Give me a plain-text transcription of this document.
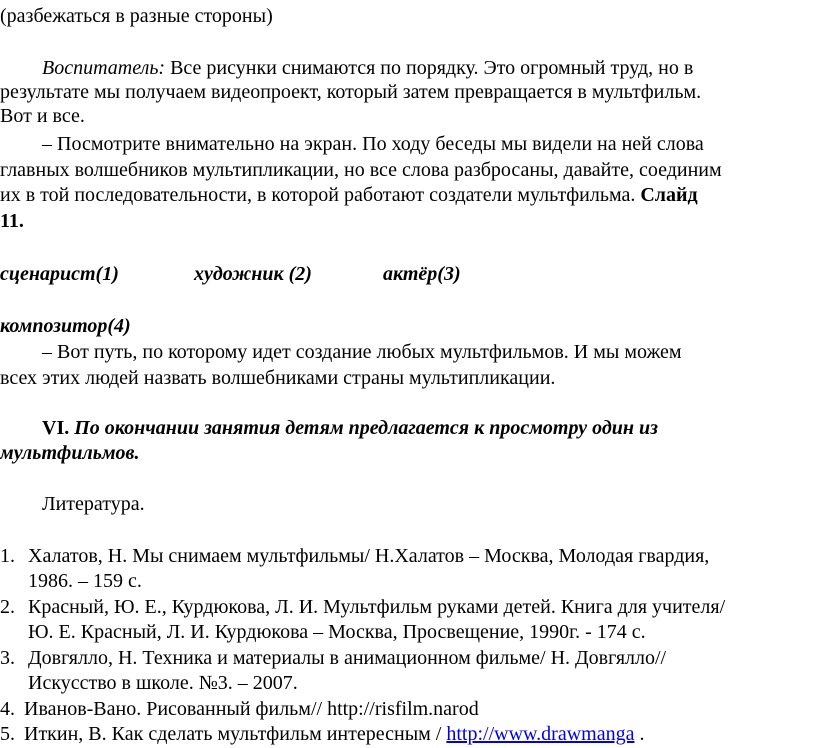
(разбежаться в разные стороны)
Воспитатель: Все рисунки снимаются по порядку. Это огромный труд, но в
результате мы получаем видеопроект, который затем превращается в мультфильм.
Вот и все.
– Посмотрите внимательно на экран. По ходу беседы мы видели на ней слова
главных волшебников мультипликации, но все слова разбросаны, давайте, соединим
их в той последовательности, в которой работают создатели мультфильма. Слайд
11.
сценарист(1)	художник (2)	актёр(3)
композитор(4)
– Вот путь, по которому идет создание любых мультфильмов. И мы можем
всех этих людей назвать волшебниками страны мультипликации.
VI. По окончании занятия детям предлагается к просмотру один из
мультфильмов.
Литература.
1. Халатов, Н. Мы снимаем мультфильмы/ Н.Халатов – Москва, Молодая гвардия,
1986. – 159 с.
2. Красный, Ю. Е., Курдюкова, Л. И. Мультфильм руками детей. Книга для учителя/
Ю. Е. Красный, Л. И. Курдюкова – Москва, Просвещение, 1990г. - 174 с.
3. Довгялло, Н. Техника и материалы в анимационном фильме/ Н. Довгялло//
Искусство в школе. №3. – 2007.
4. Иванов-Вано. Рисованный фильм// http://risfilm.narod
5. Иткин, В. Как сделать мультфильм интересным / http://www.drawmanga .
